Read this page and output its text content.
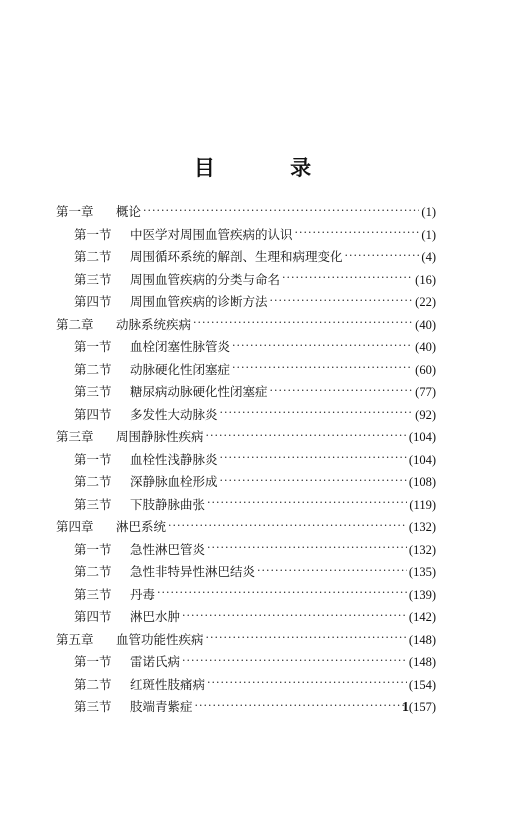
目 录
第一章	概论 ·····	(1)
第一节	中医学对周围血管疾病的认识 ·····	(1)
第二节	周围循环系统的解剖、生理和病理变化 ·····	(4)
第三节	周围血管疾病的分类与命名 ·····	(16)
第四节	周围血管疾病的诊断方法 ·····	(22)
第二章	动脉系统疾病 ·····	(40)
第一节	血栓闭塞性脉管炎 ·····	(40)
第二节	动脉硬化性闭塞症 ·····	(60)
第三节	糖尿病动脉硬化性闭塞症 ·····	(77)
第四节	多发性大动脉炎 ·····	(92)
第三章	周围静脉性疾病 ·····	(104)
第一节	血栓性浅静脉炎 ·····	(104)
第二节	深静脉血栓形成 ·····	(108)
第三节	下肢静脉曲张 ·····	(119)
第四章	淋巴系统 ·····	(132)
第一节	急性淋巴管炎 ·····	(132)
第二节	急性非特异性淋巴结炎 ·····	(135)
第三节	丹毒 ·····	(139)
第四节	淋巴水肿 ·····	(142)
第五章	血管功能性疾病 ·····	(148)
第一节	雷诺氏病 ·····	(148)
第二节	红斑性肢痛病 ·····	(154)
第三节	肢端青紫症 ·····	(157)
1
